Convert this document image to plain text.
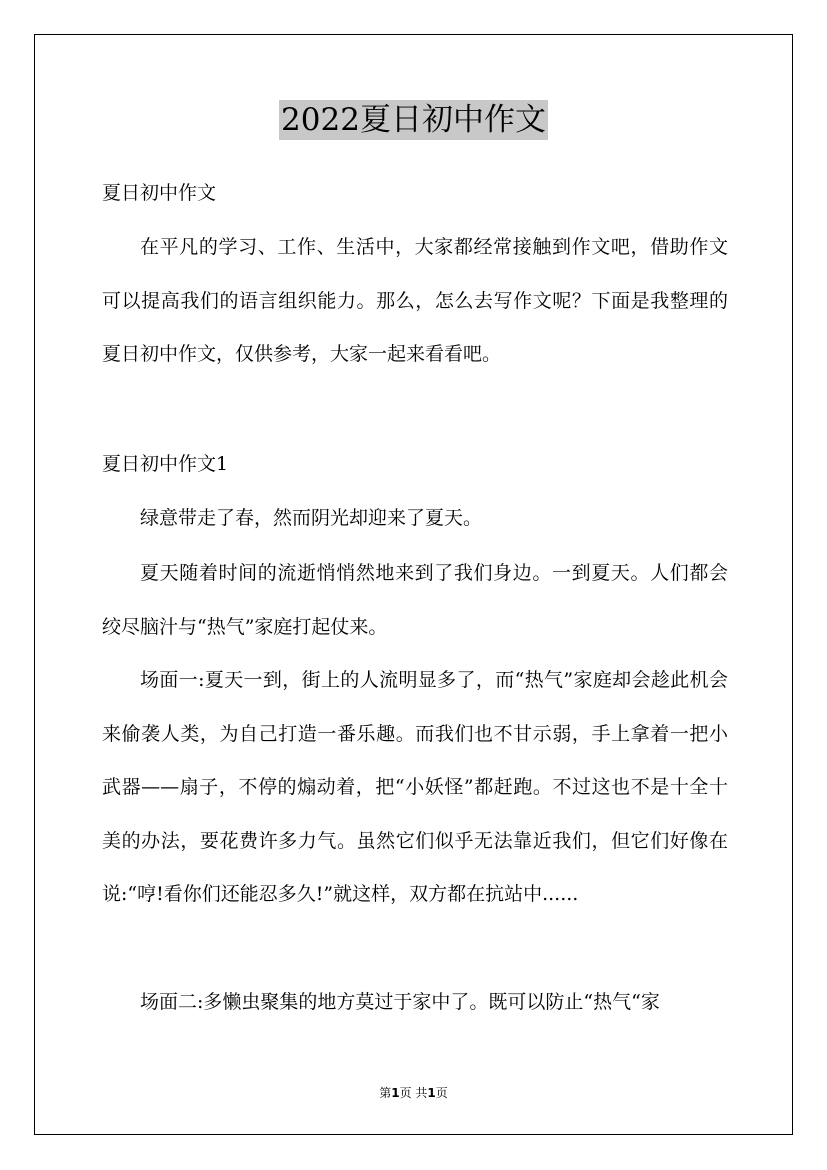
2022夏日初中作文

夏日初中作文

在平凡的学习、工作、生活中，大家都经常接触到作文吧，借助作文可以提高我们的语言组织能力。那么，怎么去写作文呢？下面是我整理的夏日初中作文，仅供参考，大家一起来看看吧。

夏日初中作文1

绿意带走了春，然而阴光却迎来了夏天。

夏天随着时间的流逝悄悄然地来到了我们身边。一到夏天。人们都会绞尽脑汁与“热气”家庭打起仗来。

场面一:夏天一到，街上的人流明显多了，而“热气”家庭却会趁此机会来偷袭人类，为自己打造一番乐趣。而我们也不甘示弱，手上拿着一把小武器——扇子，不停的煽动着，把“小妖怪”都赶跑。不过这也不是十全十美的办法，要花费许多力气。虽然它们似乎无法靠近我们，但它们好像在说:“哼!看你们还能忍多久!”就这样，双方都在抗站中......

场面二:多懒虫聚集的地方莫过于家中了。既可以防止“热气“家

第1页 共1页
